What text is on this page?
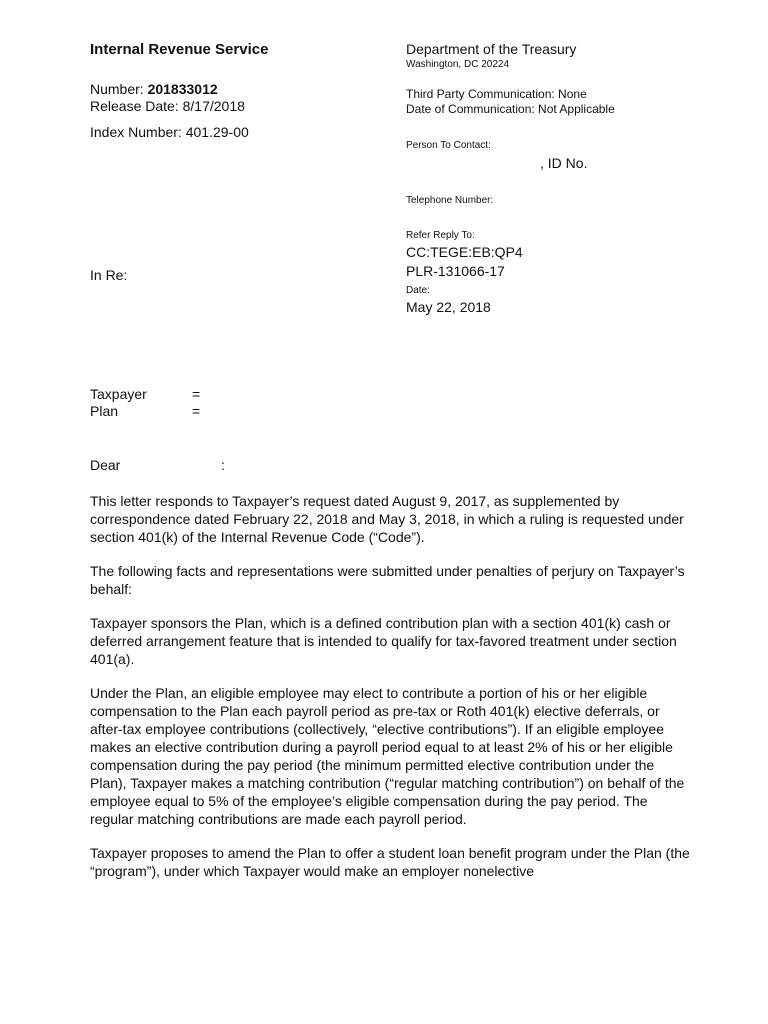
Internal Revenue Service
Number: 201833012
Release Date: 8/17/2018
Index Number: 401.29-00
In Re:
Department of the Treasury
Washington, DC 20224
Third Party Communication: None
Date of Communication: Not Applicable
Person To Contact:
, ID No.
Telephone Number:
Refer Reply To:
CC:TEGE:EB:QP4
PLR-131066-17
Date:
May 22, 2018
Taxpayer	=
Plan	=
Dear	:

This letter responds to Taxpayer’s request dated August 9, 2017, as supplemented by correspondence dated February 22, 2018 and May 3, 2018, in which a ruling is requested under section 401(k) of the Internal Revenue Code (“Code”).

The following facts and representations were submitted under penalties of perjury on Taxpayer’s behalf:

Taxpayer sponsors the Plan, which is a defined contribution plan with a section 401(k) cash or deferred arrangement feature that is intended to qualify for tax-favored treatment under section 401(a).

Under the Plan, an eligible employee may elect to contribute a portion of his or her eligible compensation to the Plan each payroll period as pre-tax or Roth 401(k) elective deferrals, or after-tax employee contributions (collectively, “elective contributions”). If an eligible employee makes an elective contribution during a payroll period equal to at least 2% of his or her eligible compensation during the pay period (the minimum permitted elective contribution under the Plan), Taxpayer makes a matching contribution (“regular matching contribution”) on behalf of the employee equal to 5% of the employee’s eligible compensation during the pay period. The regular matching contributions are made each payroll period.

Taxpayer proposes to amend the Plan to offer a student loan benefit program under the Plan (the “program”), under which Taxpayer would make an employer nonelective
